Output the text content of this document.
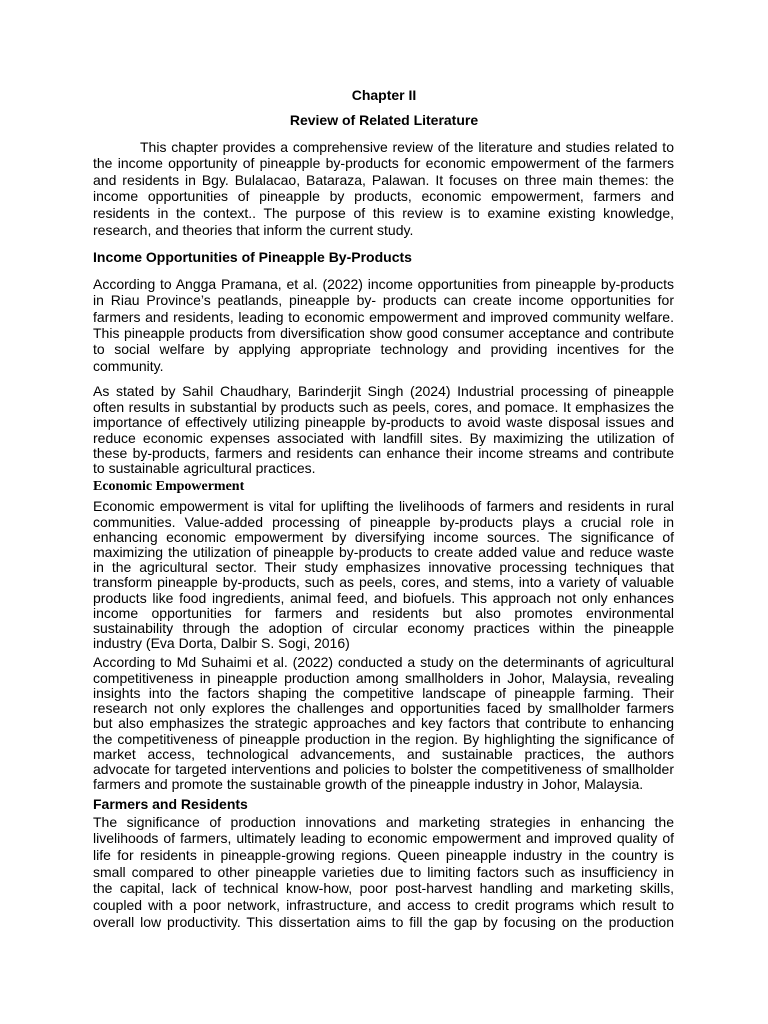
Chapter II
Review of Related Literature
This chapter provides a comprehensive review of the literature and studies related to
the income opportunity of pineapple by-products for economic empowerment of the farmers
and residents in Bgy. Bulalacao, Bataraza, Palawan. It focuses on three main themes: the
income opportunities of pineapple by products, economic empowerment, farmers and
residents in the context.. The purpose of this review is to examine existing knowledge,
research, and theories that inform the current study.
Income Opportunities of Pineapple By-Products
According to Angga Pramana, et al. (2022) income opportunities from pineapple by-products
in Riau Province’s peatlands, pineapple by- products can create income opportunities for
farmers and residents, leading to economic empowerment and improved community welfare.
This pineapple products from diversification show good consumer acceptance and contribute
to social welfare by applying appropriate technology and providing incentives for the
community.
As stated by Sahil Chaudhary, Barinderjit Singh (2024) Industrial processing of pineapple
often results in substantial by products such as peels, cores, and pomace. It emphasizes the
importance of effectively utilizing pineapple by-products to avoid waste disposal issues and
reduce economic expenses associated with landfill sites. By maximizing the utilization of
these by-products, farmers and residents can enhance their income streams and contribute
to sustainable agricultural practices.
Economic Empowerment
Economic empowerment is vital for uplifting the livelihoods of farmers and residents in rural
communities. Value-added processing of pineapple by-products plays a crucial role in
enhancing economic empowerment by diversifying income sources. The significance of
maximizing the utilization of pineapple by-products to create added value and reduce waste
in the agricultural sector. Their study emphasizes innovative processing techniques that
transform pineapple by-products, such as peels, cores, and stems, into a variety of valuable
products like food ingredients, animal feed, and biofuels. This approach not only enhances
income opportunities for farmers and residents but also promotes environmental
sustainability through the adoption of circular economy practices within the pineapple
industry (Eva Dorta, Dalbir S. Sogi, 2016)
According to Md Suhaimi et al. (2022) conducted a study on the determinants of agricultural
competitiveness in pineapple production among smallholders in Johor, Malaysia, revealing
insights into the factors shaping the competitive landscape of pineapple farming. Their
research not only explores the challenges and opportunities faced by smallholder farmers
but also emphasizes the strategic approaches and key factors that contribute to enhancing
the competitiveness of pineapple production in the region. By highlighting the significance of
market access, technological advancements, and sustainable practices, the authors
advocate for targeted interventions and policies to bolster the competitiveness of smallholder
farmers and promote the sustainable growth of the pineapple industry in Johor, Malaysia.
Farmers and Residents
The significance of production innovations and marketing strategies in enhancing the
livelihoods of farmers, ultimately leading to economic empowerment and improved quality of
life for residents in pineapple-growing regions. Queen pineapple industry in the country is
small compared to other pineapple varieties due to limiting factors such as insufficiency in
the capital, lack of technical know-how, poor post-harvest handling and marketing skills,
coupled with a poor network, infrastructure, and access to credit programs which result to
overall low productivity. This dissertation aims to fill the gap by focusing on the production
